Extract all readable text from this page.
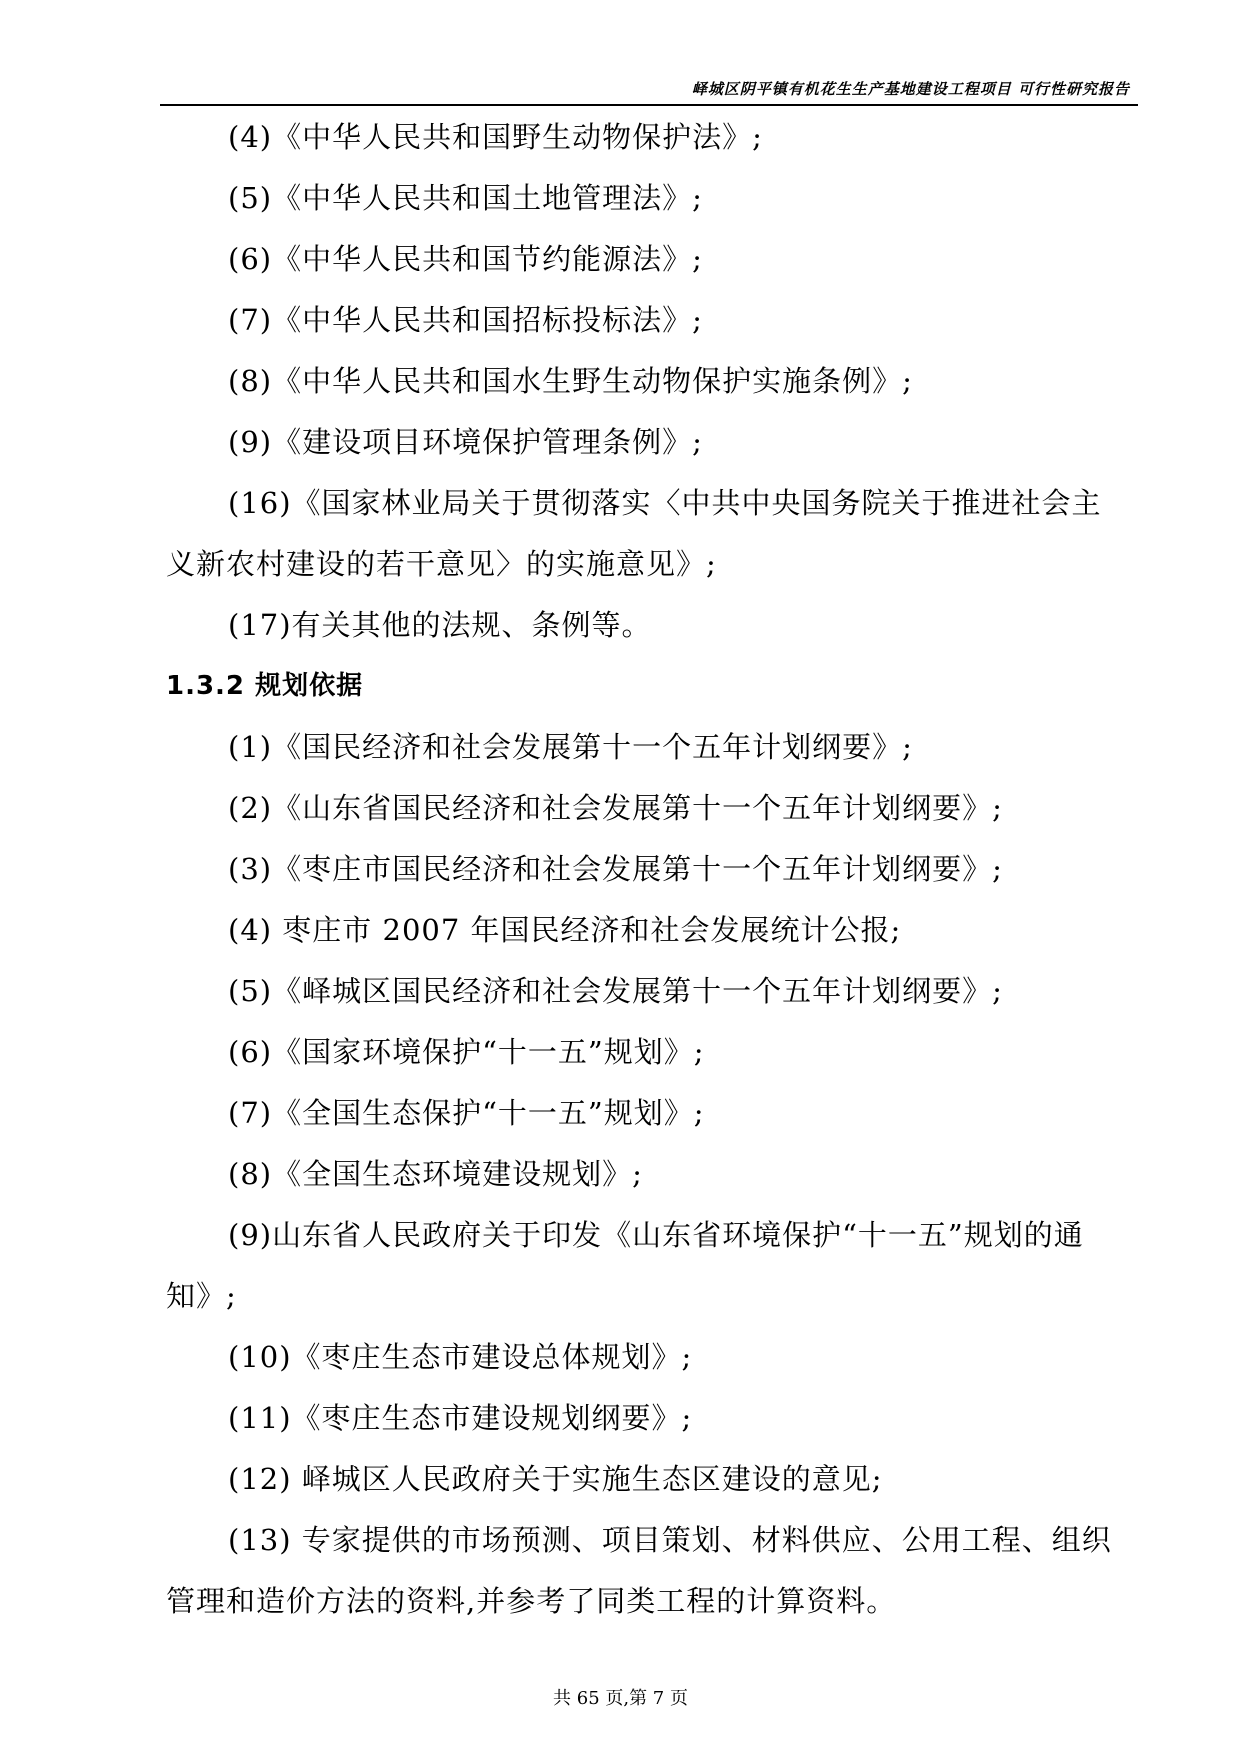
峄城区阴平镇有机花生生产基地建设工程项目 可行性研究报告
(4)《中华人民共和国野生动物保护法》;
(5)《中华人民共和国土地管理法》;
(6)《中华人民共和国节约能源法》;
(7)《中华人民共和国招标投标法》;
(8)《中华人民共和国水生野生动物保护实施条例》;
(9)《建设项目环境保护管理条例》;
(16)《国家林业局关于贯彻落实〈中共中央国务院关于推进社会主
义新农村建设的若干意见〉的实施意见》;
(17)有关其他的法规、条例等。
1.3.2 规划依据
(1)《国民经济和社会发展第十一个五年计划纲要》;
(2)《山东省国民经济和社会发展第十一个五年计划纲要》;
(3)《枣庄市国民经济和社会发展第十一个五年计划纲要》;
(4) 枣庄市 2007 年国民经济和社会发展统计公报;
(5)《峄城区国民经济和社会发展第十一个五年计划纲要》;
(6)《国家环境保护“十一五”规划》;
(7)《全国生态保护“十一五”规划》;
(8)《全国生态环境建设规划》;
(9)山东省人民政府关于印发《山东省环境保护“十一五”规划的通
知》;
(10)《枣庄生态市建设总体规划》;
(11)《枣庄生态市建设规划纲要》;
(12) 峄城区人民政府关于实施生态区建设的意见;
(13) 专家提供的市场预测、项目策划、材料供应、公用工程、组织
管理和造价方法的资料,并参考了同类工程的计算资料。
共 65 页,第 7 页
